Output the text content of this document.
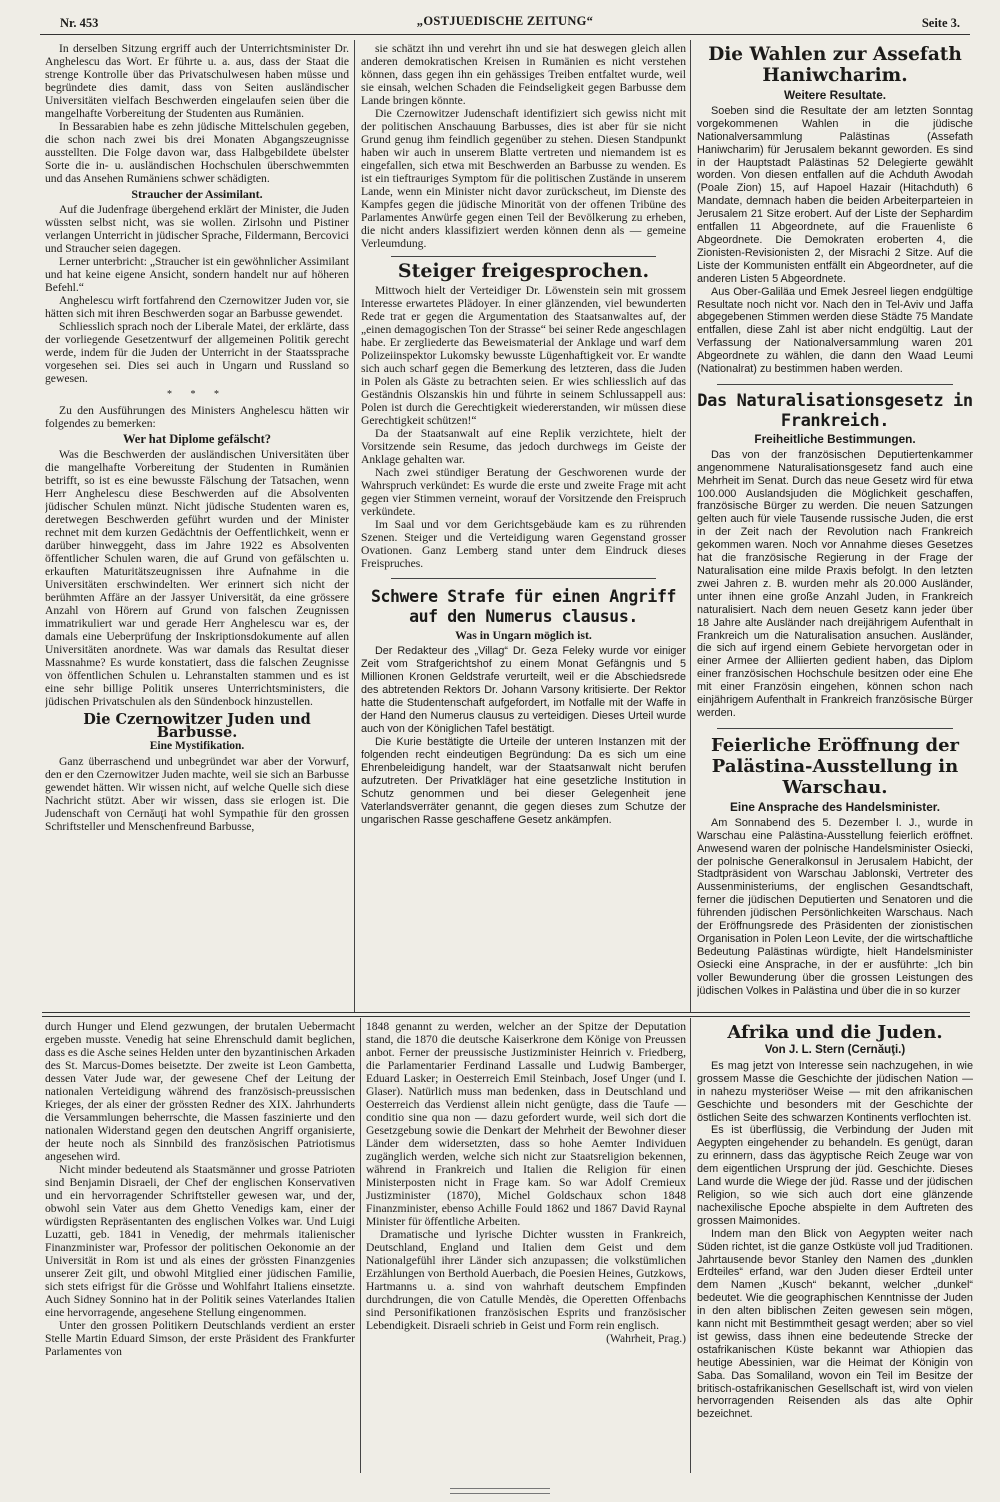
Nr. 453	„OSTJUEDISCHE ZEITUNG“	Seite 3.

In derselben Sitzung ergriff auch der Unterrichtsminister Dr. Anghelescu das Wort. Er führte u. a. aus, dass der Staat die strenge Kontrolle über das Privatschulwesen haben müsse und begründete dies damit, dass von Seiten ausländischer Universitäten vielfach Beschwerden eingelaufen seien über die mangelhafte Vorbereitung der Studenten aus Rumänien.

In Bessarabien habe es zehn jüdische Mittelschulen gegeben, die schon nach zwei bis drei Monaten Abgangszeugnisse ausstellten. Die Folge davon war, dass Halbgebildete übelster Sorte die in- u. ausländischen Hochschulen überschwemmten und das Ansehen Rumäniens schwer schädigten.

Straucher der Assimilant.

Auf die Judenfrage übergehend erklärt der Minister, die Juden wüssten selbst nicht, was sie wollen. Zirlsohn und Pistiner verlangen Unterricht in jüdischer Sprache, Fildermann, Bercovici und Straucher seien dagegen.

Lerner unterbricht: „Straucher ist ein gewöhnlicher Assimilant und hat keine eigene Ansicht, sondern handelt nur auf höheren Befehl.“

Anghelescu wirft fortfahrend den Czernowitzer Juden vor, sie hätten sich mit ihren Beschwerden sogar an Barbusse gewendet.

Schliesslich sprach noch der Liberale Matei, der erklärte, dass der vorliegende Gesetzentwurf der allgemeinen Politik gerecht werde, indem für die Juden der Unterricht in der Staatssprache vorgesehen sei. Dies sei auch in Ungarn und Russland so gewesen.

* * *

Zu den Ausführungen des Ministers Anghelescu hätten wir folgendes zu bemerken:

Wer hat Diplome gefälscht?

Was die Beschwerden der ausländischen Universitäten über die mangelhafte Vorbereitung der Studenten in Rumänien betrifft, so ist es eine bewusste Fälschung der Tatsachen, wenn Herr Anghelescu diese Beschwerden auf die Absolventen jüdischer Schulen münzt. Nicht jüdische Studenten waren es, deretwegen Beschwerden geführt wurden und der Minister rechnet mit dem kurzen Gedächtnis der Oeffentlichkeit, wenn er darüber hinweggeht, dass im Jahre 1922 es Absolventen öffentlicher Schulen waren, die auf Grund von gefälschten u. erkauften Maturitätszeugnissen ihre Aufnahme in die Universitäten erschwindelten. Wer erinnert sich nicht der berühmten Affäre an der Jassyer Universität, da eine grössere Anzahl von Hörern auf Grund von falschen Zeugnissen immatrikuliert war und gerade Herr Anghelescu war es, der damals eine Ueberprüfung der Inskriptionsdokumente auf allen Universitäten anordnete. Was war damals das Resultat dieser Massnahme? Es wurde konstatiert, dass die falschen Zeugnisse von öffentlichen Schulen u. Lehranstalten stammen und es ist eine sehr billige Politik unseres Unterrichtsministers, die jüdischen Privatschulen als den Sündenbock hinzustellen.

Die Czernowitzer Juden und Barbusse.
Eine Mystifikation.

Ganz überraschend und unbegründet war aber der Vorwurf, den er den Czernowitzer Juden machte, weil sie sich an Barbusse gewendet hätten. Wir wissen nicht, auf welche Quelle sich diese Nachricht stützt. Aber wir wissen, dass sie erlogen ist. Die Judenschaft von Cernăuţi hat wohl Sympathie für den grossen Schriftsteller und Menschenfreund Barbusse,

sie schätzt ihn und verehrt ihn und sie hat deswegen gleich allen anderen demokratischen Kreisen in Rumänien es nicht verstehen können, dass gegen ihn ein gehässiges Treiben entfaltet wurde, weil sie einsah, welchen Schaden die Feindseligkeit gegen Barbusse dem Lande bringen könnte.

Die Czernowitzer Judenschaft identifiziert sich gewiss nicht mit der politischen Anschauung Barbusses, dies ist aber für sie nicht Grund genug ihm feindlich gegenüber zu stehen. Diesen Standpunkt haben wir auch in unserem Blatte vertreten und niemandem ist es eingefallen, sich etwa mit Beschwerden an Barbusse zu wenden. Es ist ein tieftrauriges Symptom für die politischen Zustände in unserem Lande, wenn ein Minister nicht davor zurückscheut, im Dienste des Kampfes gegen die jüdische Minorität von der offenen Tribüne des Parlamentes Anwürfe gegen einen Teil der Bevölkerung zu erheben, die nicht anders klassifiziert werden können denn als — gemeine Verleumdung.

Steiger freigesprochen.

Mittwoch hielt der Verteidiger Dr. Löwenstein sein mit grossem Interesse erwartetes Plädoyer. In einer glänzenden, viel bewunderten Rede trat er gegen die Argumentation des Staatsanwaltes auf, der „einen demagogischen Ton der Strasse“ bei seiner Rede angeschlagen habe. Er zergliederte das Beweismaterial der Anklage und warf dem Polizeiinspektor Lukomsky bewusste Lügenhaftigkeit vor. Er wandte sich auch scharf gegen die Bemerkung des letzteren, dass die Juden in Polen als Gäste zu betrachten seien. Er wies schliesslich auf das Geständnis Olszanskis hin und führte in seinem Schlussappell aus: Polen ist durch die Gerechtigkeit wiedererstanden, wir müssen diese Gerechtigkeit schützen!“

Da der Staatsanwalt auf eine Replik verzichtete, hielt der Vorsitzende sein Resume, das jedoch durchwegs im Geiste der Anklage gehalten war.

Nach zwei stündiger Beratung der Geschworenen wurde der Wahrspruch verkündet: Es wurde die erste und zweite Frage mit acht gegen vier Stimmen verneint, worauf der Vorsitzende den Freispruch verkündete.

Im Saal und vor dem Gerichtsgebäude kam es zu rührenden Szenen. Steiger und die Verteidigung waren Gegenstand grosser Ovationen. Ganz Lemberg stand unter dem Eindruck dieses Freispruches.

Schwere Strafe für einen Angriff auf den Numerus clausus.
Was in Ungarn möglich ist.

Der Redakteur des „Villag“ Dr. Geza Feleky wurde vor einiger Zeit vom Strafgerichtshof zu einem Monat Gefängnis und 5 Millionen Kronen Geldstrafe verurteilt, weil er die Abschiedsrede des abtretenden Rektors Dr. Johann Varsony kritisierte. Der Rektor hatte die Studentenschaft aufgefordert, im Notfalle mit der Waffe in der Hand den Numerus clausus zu verteidigen. Dieses Urteil wurde auch von der Königlichen Tafel bestätigt.

Die Kurie bestätigte die Urteile der unteren Instanzen mit der folgenden recht eindeutigen Begründung: Da es sich um eine Ehrenbeleidigung handelt, war der Staatsanwalt nicht berufen aufzutreten. Der Privatkläger hat eine gesetzliche Institution in Schutz genommen und bei dieser Gelegenheit jene Vaterlandsverräter genannt, die gegen dieses zum Schutze der ungarischen Rasse geschaffene Gesetz ankämpfen.

Die Wahlen zur Assefath Haniwcharim.
Weitere Resultate.

Soeben sind die Resultate der am letzten Sonntag vorgekommenen Wahlen in die jüdische Nationalversammlung Palästinas (Assefath Haniwcharim) für Jerusalem bekannt geworden. Es sind in der Hauptstadt Palästinas 52 Delegierte gewählt worden. Von diesen entfallen auf die Achduth Awodah (Poale Zion) 15, auf Hapoel Hazair (Hitachduth) 6 Mandate, demnach haben die beiden Arbeiterparteien in Jerusalem 21 Sitze erobert. Auf der Liste der Sephardim entfallen 11 Abgeordnete, auf die Frauenliste 6 Abgeordnete. Die Demokraten eroberten 4, die Zionisten-Revisionisten 2, der Misrachi 2 Sitze. Auf die Liste der Kommunisten entfällt ein Abgeordneter, auf die anderen Listen 5 Abgeordnete.

Aus Ober-Galiläa und Emek Jesreel liegen endgültige Resultate noch nicht vor. Nach den in Tel-Aviv und Jaffa abgegebenen Stimmen werden diese Städte 75 Mandate entfallen, diese Zahl ist aber nicht endgültig. Laut der Verfassung der Nationalversammlung waren 201 Abgeordnete zu wählen, die dann den Waad Leumi (Nationalrat) zu bestimmen haben werden.

Das Naturalisationsgesetz in Frankreich.
Freiheitliche Bestimmungen.

Das von der französischen Deputiertenkammer angenommene Naturalisationsgesetz fand auch eine Mehrheit im Senat. Durch das neue Gesetz wird für etwa 100.000 Auslandsjuden die Möglichkeit geschaffen, französische Bürger zu werden. Die neuen Satzungen gelten auch für viele Tausende russische Juden, die erst in der Zeit nach der Revolution nach Frankreich gekommen waren. Noch vor Annahme dieses Gesetzes hat die französische Regierung in der Frage der Naturalisation eine milde Praxis befolgt. In den letzten zwei Jahren z. B. wurden mehr als 20.000 Ausländer, unter ihnen eine große Anzahl Juden, in Frankreich naturalisiert. Nach dem neuen Gesetz kann jeder über 18 Jahre alte Ausländer nach dreijährigem Aufenthalt in Frankreich um die Naturalisation ansuchen. Ausländer, die sich auf irgend einem Gebiete hervorgetan oder in einer Armee der Alliierten gedient haben, das Diplom einer französischen Hochschule besitzen oder eine Ehe mit einer Französin eingehen, können schon nach einjährigem Aufenthalt in Frankreich französische Bürger werden.

Feierliche Eröffnung der Palästina-Ausstellung in Warschau.
Eine Ansprache des Handelsminister.

Am Sonnabend des 5. Dezember l. J., wurde in Warschau eine Palästina-Ausstellung feierlich eröffnet. Anwesend waren der polnische Handelsminister Osiecki, der polnische Generalkonsul in Jerusalem Habicht, der Stadtpräsident von Warschau Jablonski, Vertreter des Aussenministeriums, der englischen Gesandtschaft, ferner die jüdischen Deputierten und Senatoren und die führenden jüdischen Persönlichkeiten Warschaus. Nach der Eröffnungsrede des Präsidenten der zionistischen Organisation in Polen Leon Levite, der die wirtschaftliche Bedeutung Palästinas würdigte, hielt Handelsminister Osiecki eine Ansprache, in der er ausführte: „Ich bin voller Bewunderung über die grossen Leistungen des jüdischen Volkes in Palästina und über die in so kurzer

durch Hunger und Elend gezwungen, der brutalen Uebermacht ergeben musste. Venedig hat seine Ehrenschuld damit beglichen, dass es die Asche seines Helden unter den byzantinischen Arkaden des St. Marcus-Domes beisetzte. Der zweite ist Leon Gambetta, dessen Vater Jude war, der gewesene Chef der Leitung der nationalen Verteidigung während des französisch-preussischen Krieges, der als einer der grössten Redner des XIX. Jahrhunderts die Versammlungen beherrschte, die Massen faszinierte und den nationalen Widerstand gegen den deutschen Angriff organisierte, der heute noch als Sinnbild des französischen Patriotismus angesehen wird.

Nicht minder bedeutend als Staatsmänner und grosse Patrioten sind Benjamin Disraeli, der Chef der englischen Konservativen und ein hervorragender Schriftsteller gewesen war, und der, obwohl sein Vater aus dem Ghetto Venedigs kam, einer der würdigsten Repräsentanten des englischen Volkes war. Und Luigi Luzatti, geb. 1841 in Venedig, der mehrmals italienischer Finanzminister war, Professor der politischen Oekonomie an der Universität in Rom ist und als eines der grössten Finanzgenies unserer Zeit gilt, und obwohl Mitglied einer jüdischen Familie, sich stets eifrigst für die Grösse und Wohlfahrt Italiens einsetzte. Auch Sidney Sonnino hat in der Politik seines Vaterlandes Italien eine hervorragende, angesehene Stellung eingenommen.

Unter den grossen Politikern Deutschlands verdient an erster Stelle Martin Eduard Simson, der erste Präsident des Frankfurter Parlamentes von

1848 genannt zu werden, welcher an der Spitze der Deputation stand, die 1870 die deutsche Kaiserkrone dem Könige von Preussen anbot. Ferner der preussische Justizminister Heinrich v. Friedberg, die Parlamentarier Ferdinand Lassalle und Ludwig Bamberger, Eduard Lasker; in Oesterreich Emil Steinbach, Josef Unger (und I. Glaser). Natürlich muss man bedenken, dass in Deutschland und Oesterreich das Verdienst allein nicht genügte, dass die Taufe — conditio sine qua non — dazu gefordert wurde, weil sich dort die Gesetzgebung sowie die Denkart der Mehrheit der Bewohner dieser Länder dem widersetzten, dass so hohe Aemter Individuen zugänglich werden, welche sich nicht zur Staatsreligion bekennen, während in Frankreich und Italien die Religion für einen Ministerposten nicht in Frage kam. So war Adolf Cremieux Justizminister (1870), Michel Goldschaux schon 1848 Finanzminister, ebenso Achille Fould 1862 und 1867 David Raynal Minister für öffentliche Arbeiten.

Dramatische und lyrische Dichter wussten in Frankreich, Deutschland, England und Italien dem Geist und dem Nationalgefühl ihrer Länder sich anzupassen; die volkstümlichen Erzählungen von Berthold Auerbach, die Poesien Heines, Gutzkows, Hartmanns u. a. sind von wahrhaft deutschem Empfinden durchdrungen, die von Catulle Mendès, die Operetten Offenbachs sind Personifikationen französischen Esprits und französischer Lebendigkeit. Disraeli schrieb in Geist und Form rein englisch.

(Wahrheit, Prag.)
Afrika und die Juden.
Von J. L. Stern (Cernăuţi.)

Es mag jetzt von Interesse sein nachzugehen, in wie grossem Masse die Geschichte der jüdischen Nation — in nahezu mysteriöser Weise — mit den afrikanischen Geschichte und besonders mit der Geschichte der östlichen Seite des schwarzen Kontinents verflochten ist.

Es ist überflüssig, die Verbindung der Juden mit Aegypten eingehender zu behandeln. Es genügt, daran zu erinnern, dass das ägyptische Reich Zeuge war von dem eigentlichen Ursprung der jüd. Geschichte. Dieses Land wurde die Wiege der jüd. Rasse und der jüdischen Religion, so wie sich auch dort eine glänzende nachexilische Epoche abspielte in dem Auftreten des grossen Maimonides.

Indem man den Blick von Aegypten weiter nach Süden richtet, ist die ganze Ostküste voll jud Traditionen. Jahrtausende bevor Stanley den Namen des „dunklen Erdteiles“ erfand, war den Juden dieser Erdteil unter dem Namen „Kusch“ bekannt, welcher „dunkel“ bedeutet. Wie die geographischen Kenntnisse der Juden in den alten biblischen Zeiten gewesen sein mögen, kann nicht mit Bestimmtheit gesagt werden; aber so viel ist gewiss, dass ihnen eine bedeutende Strecke der ostafrikanischen Küste bekannt war Athiopien das heutige Abessinien, war die Heimat der Königin von Saba. Das Somaliland, wovon ein Teil im Besitze der britisch-ostafrikanischen Gesellschaft ist, wird von vielen hervorragenden Reisenden als das alte Ophir bezeichnet.
